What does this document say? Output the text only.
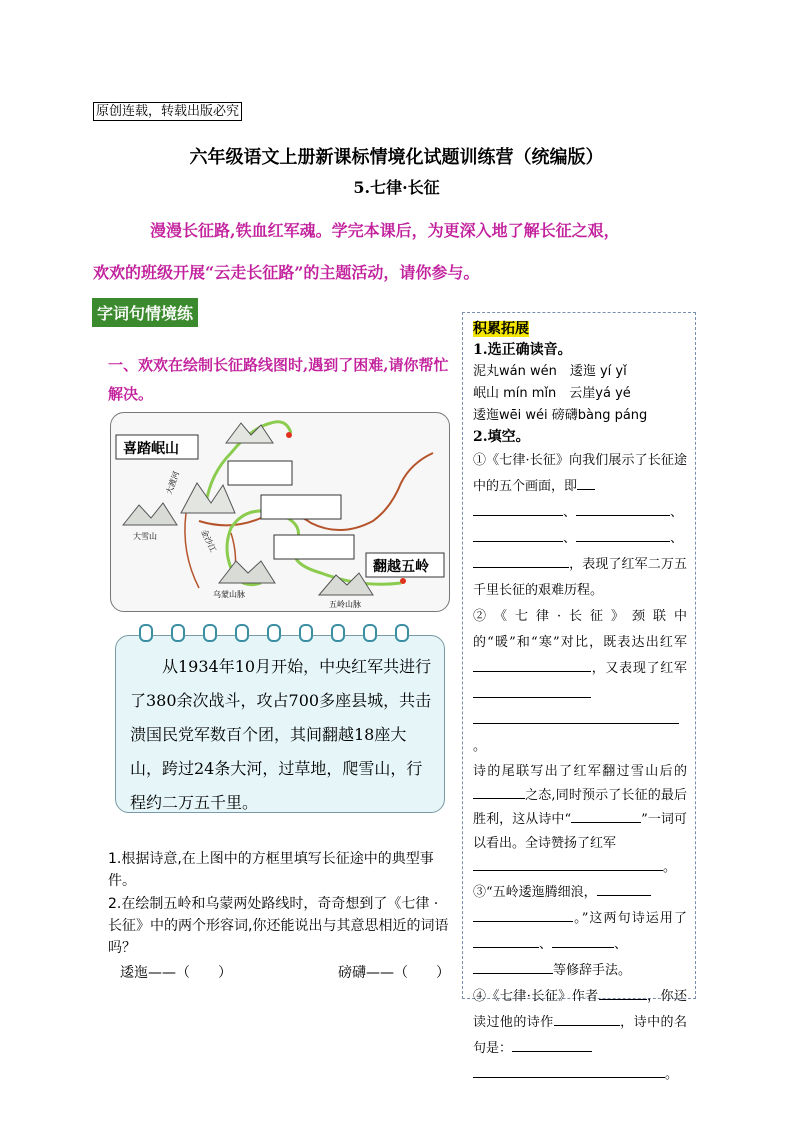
原创连载，转载出版必究
六年级语文上册新课标情境化试题训练营（统编版）
5.七律·长征
漫漫长征路,铁血红军魂。学完本课后，为更深入地了解长征之艰，
欢欢的班级开展“云走长征路”的主题活动，请你参与。
字词句情境练
一、欢欢在绘制长征路线图时,遇到了困难,请你帮忙解决。
喜踏岷山
翻越五岭
大渡河
金沙江
大雪山
乌蒙山脉
五岭山脉
从1934年10月开始，中央红军共进行了380余次战斗，攻占700多座县城，共击溃国民党军数百个团，其间翻越18座大山，跨过24条大河，过草地，爬雪山，行程约二万五千里。
1.根据诗意,在上图中的方框里填写长征途中的典型事件。
2.在绘制五岭和乌蒙两处路线时，奇奇想到了《七律 · 长征》中的两个形容词,你还能说出与其意思相近的词语吗？
逶迤——（　　）	磅礴——（　　）
积累拓展
1.选正确读音。
泥丸wán wén　逶迤 yí yǐ
岷山 mín mǐn　云崖yá yé
逶迤wēi wéi 磅礴bàng páng
2.填空。

①《七律·长征》向我们展示了长征途中的五个画面，即
、	、
、	、
，表现了红军二万五千里长征的艰难历程。

②《七律·长征》颈联中的“暖”和“寒”对比，既表达出红军，又表现了红军
。

诗的尾联写出了红军翻过雪山后的之态,同时预示了长征的最后胜利，这从诗中“	”一词可以看出。全诗赞扬了红军
。

③“五岭逶迤腾细浪，
。”这两句诗运用了、	、
等修辞手法。

④《七律·长征》作者	，你还读过他的诗作	，诗中的名句是：
。
